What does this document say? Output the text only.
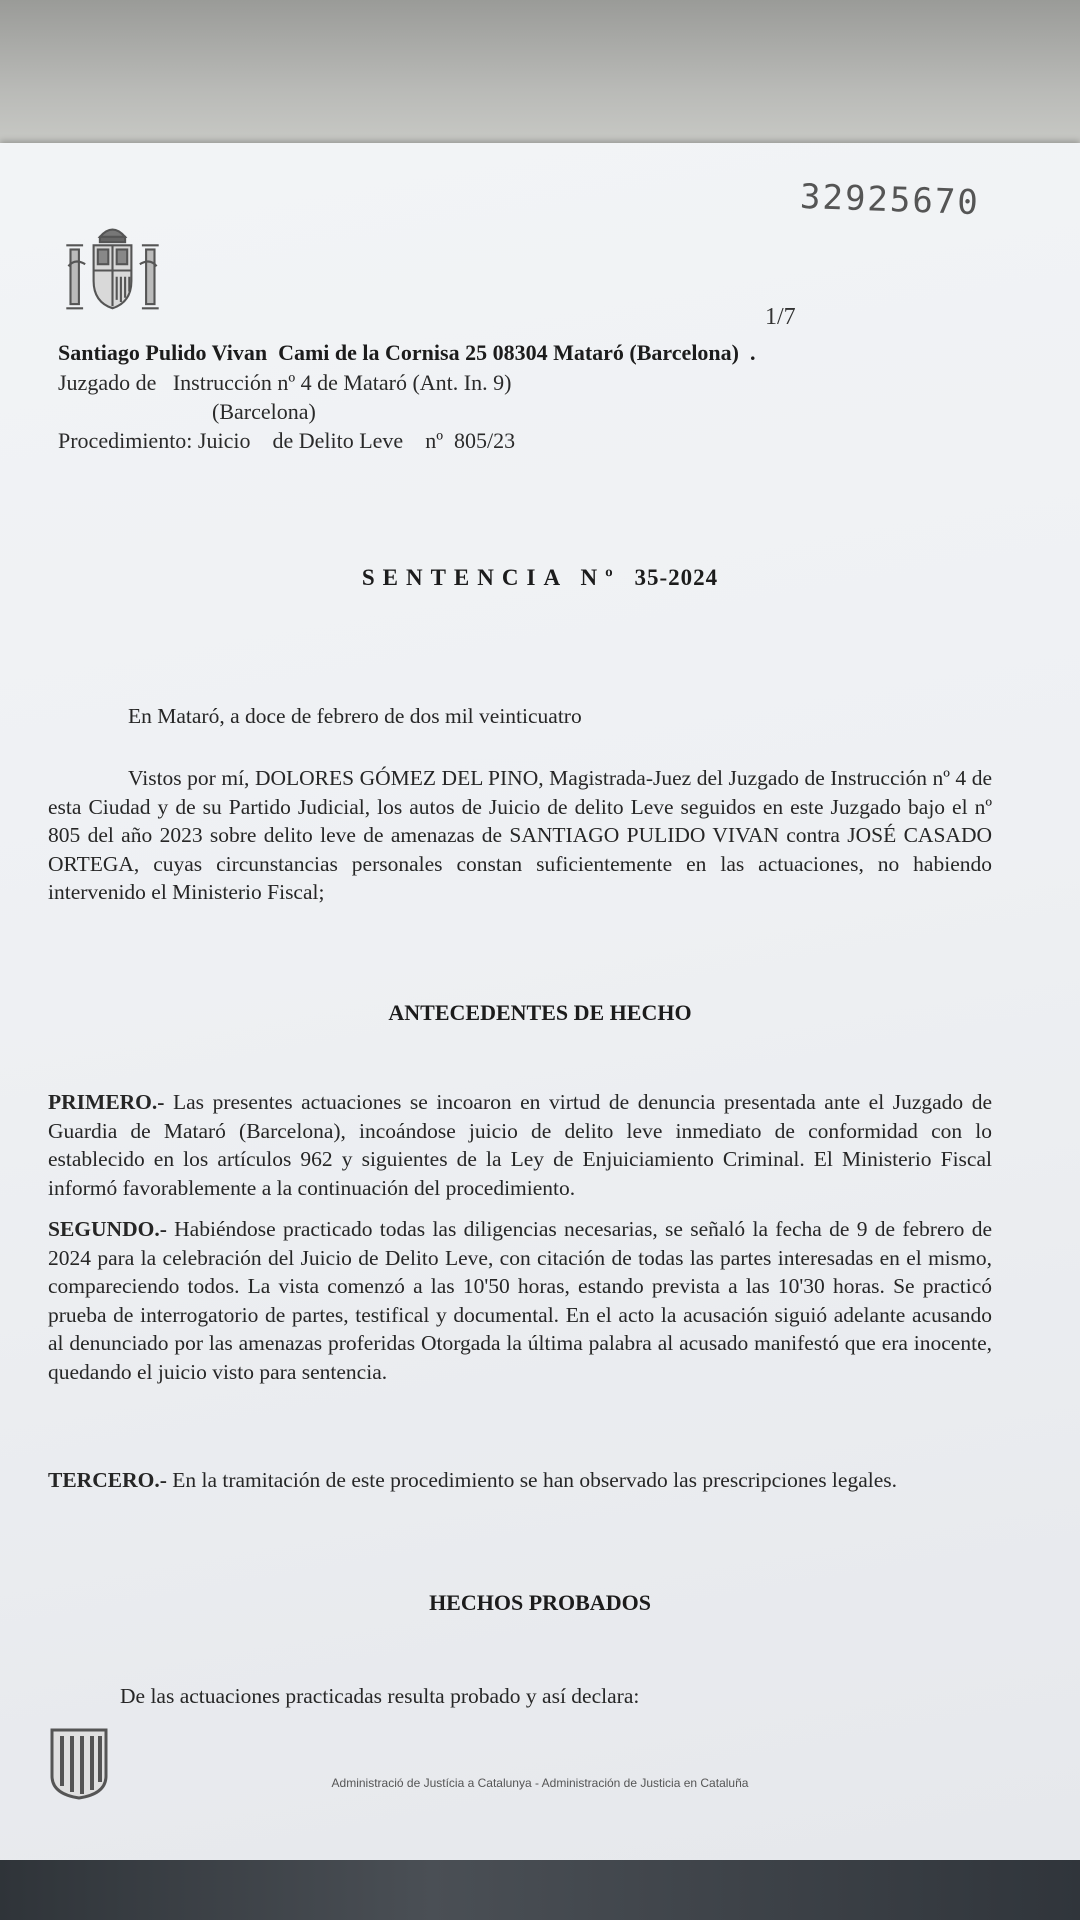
32925670
1/7
Santiago Pulido Vivan  Cami de la Cornisa 25 08304 Mataró (Barcelona)  .
Juzgado de   Instrucción nº 4 de Mataró (Ant. In. 9)
(Barcelona)
Procedimiento: Juicio    de Delito Leve    nº  805/23
SENTENCIA Nº 35-2024
En Mataró, a doce de febrero de dos mil veinticuatro
Vistos por mí, DOLORES GÓMEZ DEL PINO, Magistrada-Juez del Juzgado de Instrucción nº 4 de esta Ciudad y de su Partido Judicial, los autos de Juicio de delito Leve seguidos en este Juzgado bajo el nº 805 del año 2023 sobre delito leve de amenazas de SANTIAGO PULIDO VIVAN contra JOSÉ CASADO ORTEGA, cuyas circunstancias personales constan suficientemente en las actuaciones, no habiendo intervenido el Ministerio Fiscal;
ANTECEDENTES DE HECHO
PRIMERO.- Las presentes actuaciones se incoaron en virtud de denuncia presentada ante el Juzgado de Guardia de Mataró (Barcelona), incoándose juicio de delito leve inmediato de conformidad con lo establecido en los artículos 962 y siguientes de la Ley de Enjuiciamiento Criminal. El Ministerio Fiscal informó favorablemente a la continuación del procedimiento.
SEGUNDO.- Habiéndose practicado todas las diligencias necesarias, se señaló la fecha de 9 de febrero de 2024 para la celebración del Juicio de Delito Leve, con citación de todas las partes interesadas en el mismo, compareciendo todos. La vista comenzó a las 10'50 horas, estando prevista a las 10'30 horas. Se practicó prueba de interrogatorio de partes, testifical y documental. En el acto la acusación siguió adelante acusando al denunciado por las amenazas proferidas Otorgada la última palabra al acusado manifestó que era inocente, quedando el juicio visto para sentencia.
TERCERO.- En la tramitación de este procedimiento se han observado las prescripciones legales.
HECHOS PROBADOS
De las actuaciones practicadas resulta probado y así declara:
Administració de Justícia a Catalunya - Administración de Justicia en Cataluña
